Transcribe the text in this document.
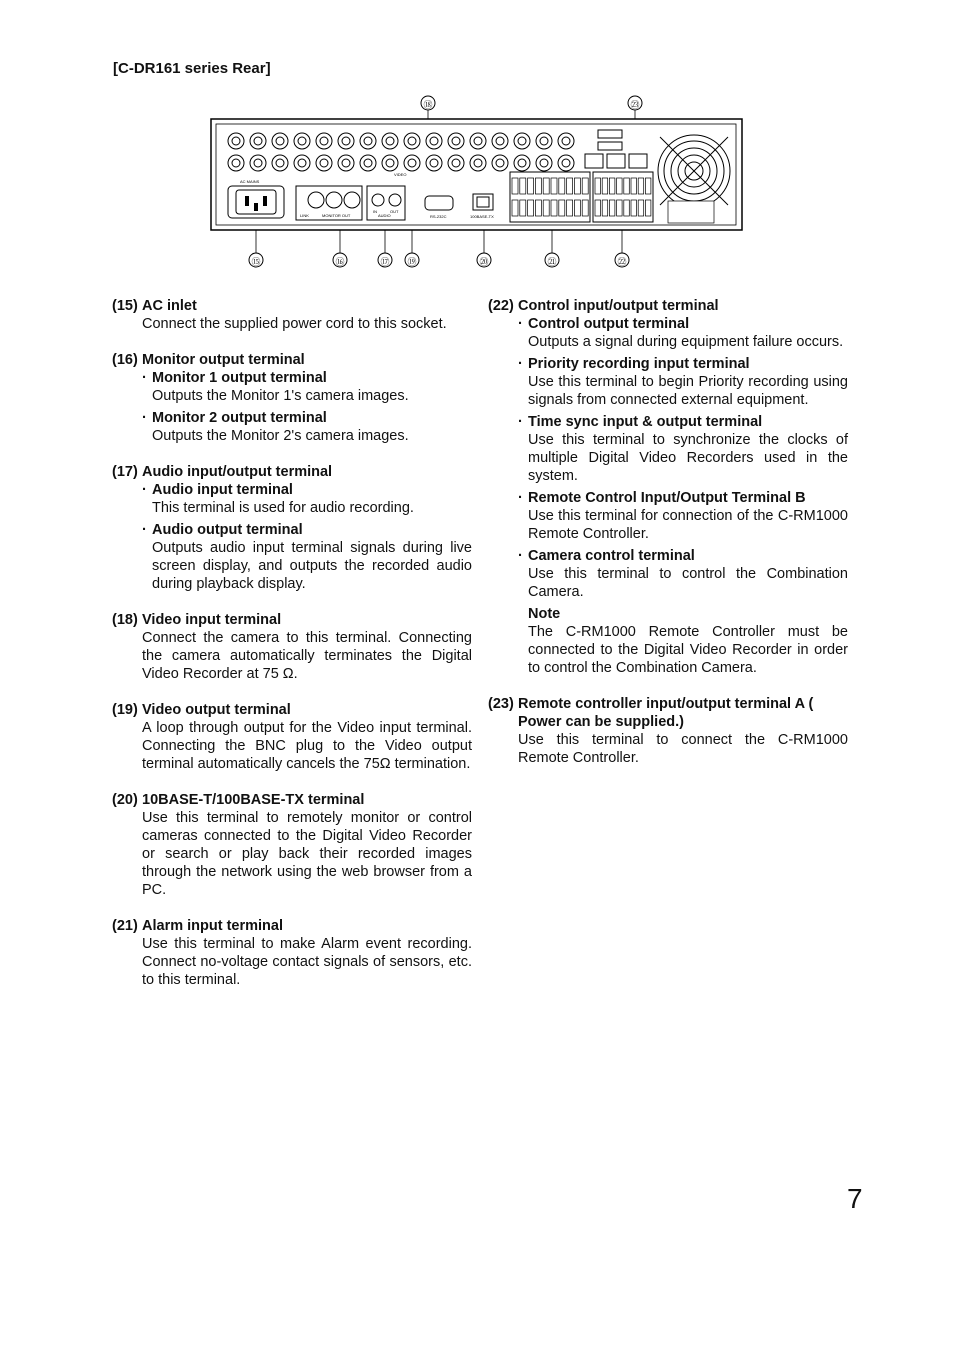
[C-DR161 series Rear]
⑱	㉓
⑮	⑯	⑰ ⑲	⑳	㉑	㉒
AC MAINS
VIDEO
LINK	MONITOR OUT	AUDIO
IN	OUT
RS-232C	100BASE-TX
(15) AC inlet
Connect the supplied power cord to this socket.
(16) Monitor output terminal
· Monitor 1 output terminal
Outputs the Monitor 1's camera images.
· Monitor 2 output terminal
Outputs the Monitor 2's camera images.
(17) Audio input/output terminal
· Audio input terminal
This terminal is used for audio recording.
· Audio output terminal
Outputs audio input terminal signals during live screen display, and outputs the recorded audio during playback display.
(18) Video input terminal
Connect the camera to this terminal. Connecting the camera automatically terminates the Digital Video Recorder at 75 Ω.
(19) Video output terminal
A loop through output for the Video input terminal. Connecting the BNC plug to the Video output terminal automatically cancels the 75Ω termination.
(20) 10BASE-T/100BASE-TX terminal
Use this terminal to remotely monitor or control cameras connected to the Digital Video Recorder or search or play back their recorded images through the network using the web browser from a PC.
(21) Alarm input terminal
Use this terminal to make Alarm event recording. Connect no-voltage contact signals of sensors, etc. to this terminal.
(22) Control input/output terminal
· Control output terminal
Outputs a signal during equipment failure occurs.
· Priority recording input terminal
Use this terminal to begin Priority recording using signals from connected external equipment.
· Time sync input & output terminal
Use this terminal to synchronize the clocks of multiple Digital Video Recorders used in the system.
· Remote Control Input/Output Terminal B
Use this terminal for connection of the C-RM1000 Remote Controller.
· Camera control terminal
Use this terminal to control the Combination Camera.
Note
The C-RM1000 Remote Controller must be connected to the Digital Video Recorder in order to control the Combination Camera.
(23) Remote controller input/output terminal A ( Power can be supplied.)
Use this terminal to connect the C-RM1000 Remote Controller.
7
